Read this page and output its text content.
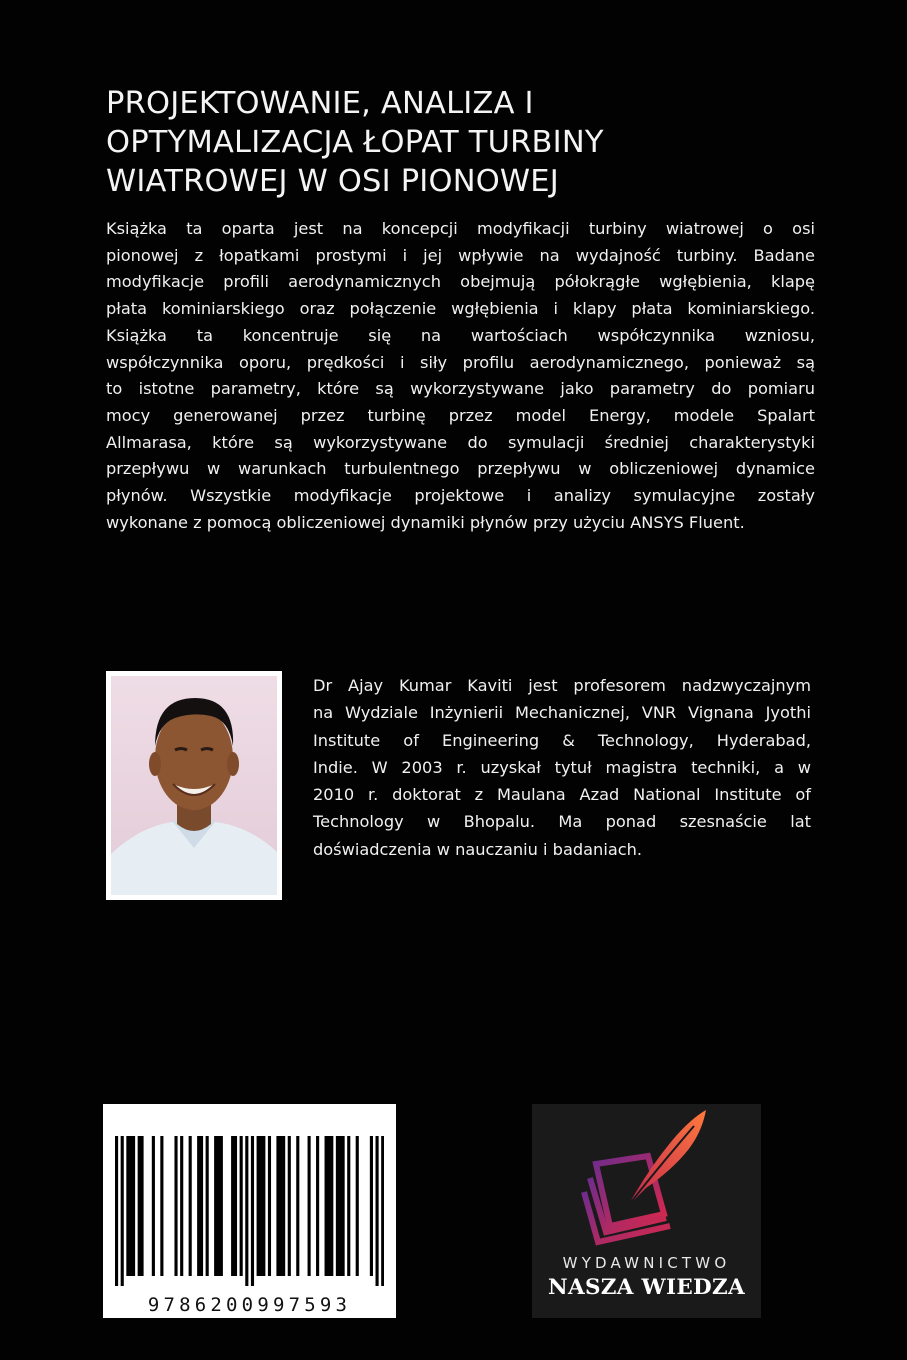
PROJEKTOWANIE, ANALIZA I
OPTYMALIZACJA ŁOPAT TURBINY
WIATROWEJ W OSI PIONOWEJ

Książka ta oparta jest na koncepcji modyfikacji turbiny wiatrowej o osi
pionowej z łopatkami prostymi i jej wpływie na wydajność turbiny. Badane
modyfikacje profili aerodynamicznych obejmują półokrągłe wgłębienia, klapę
płata kominiarskiego oraz połączenie wgłębienia i klapy płata kominiarskiego.
Książka ta koncentruje się na wartościach współczynnika wzniosu,
współczynnika oporu, prędkości i siły profilu aerodynamicznego, ponieważ są
to istotne parametry, które są wykorzystywane jako parametry do pomiaru
mocy generowanej przez turbinę przez model Energy, modele Spalart
Allmarasa, które są wykorzystywane do symulacji średniej charakterystyki
przepływu w warunkach turbulentnego przepływu w obliczeniowej dynamice
płynów. Wszystkie modyfikacje projektowe i analizy symulacyjne zostały
wykonane z pomocą obliczeniowej dynamiki płynów przy użyciu ANSYS Fluent.

Dr Ajay Kumar Kaviti jest profesorem nadzwyczajnym
na Wydziale Inżynierii Mechanicznej, VNR Vignana Jyothi
Institute of Engineering & Technology, Hyderabad,
Indie. W 2003 r. uzyskał tytuł magistra techniki, a w
2010 r. doktorat z Maulana Azad National Institute of
Technology w Bhopalu. Ma ponad szesnaście lat
doświadczenia w nauczaniu i badaniach.
9786200997593
WYDAWNICTWO
NASZA WIEDZA
